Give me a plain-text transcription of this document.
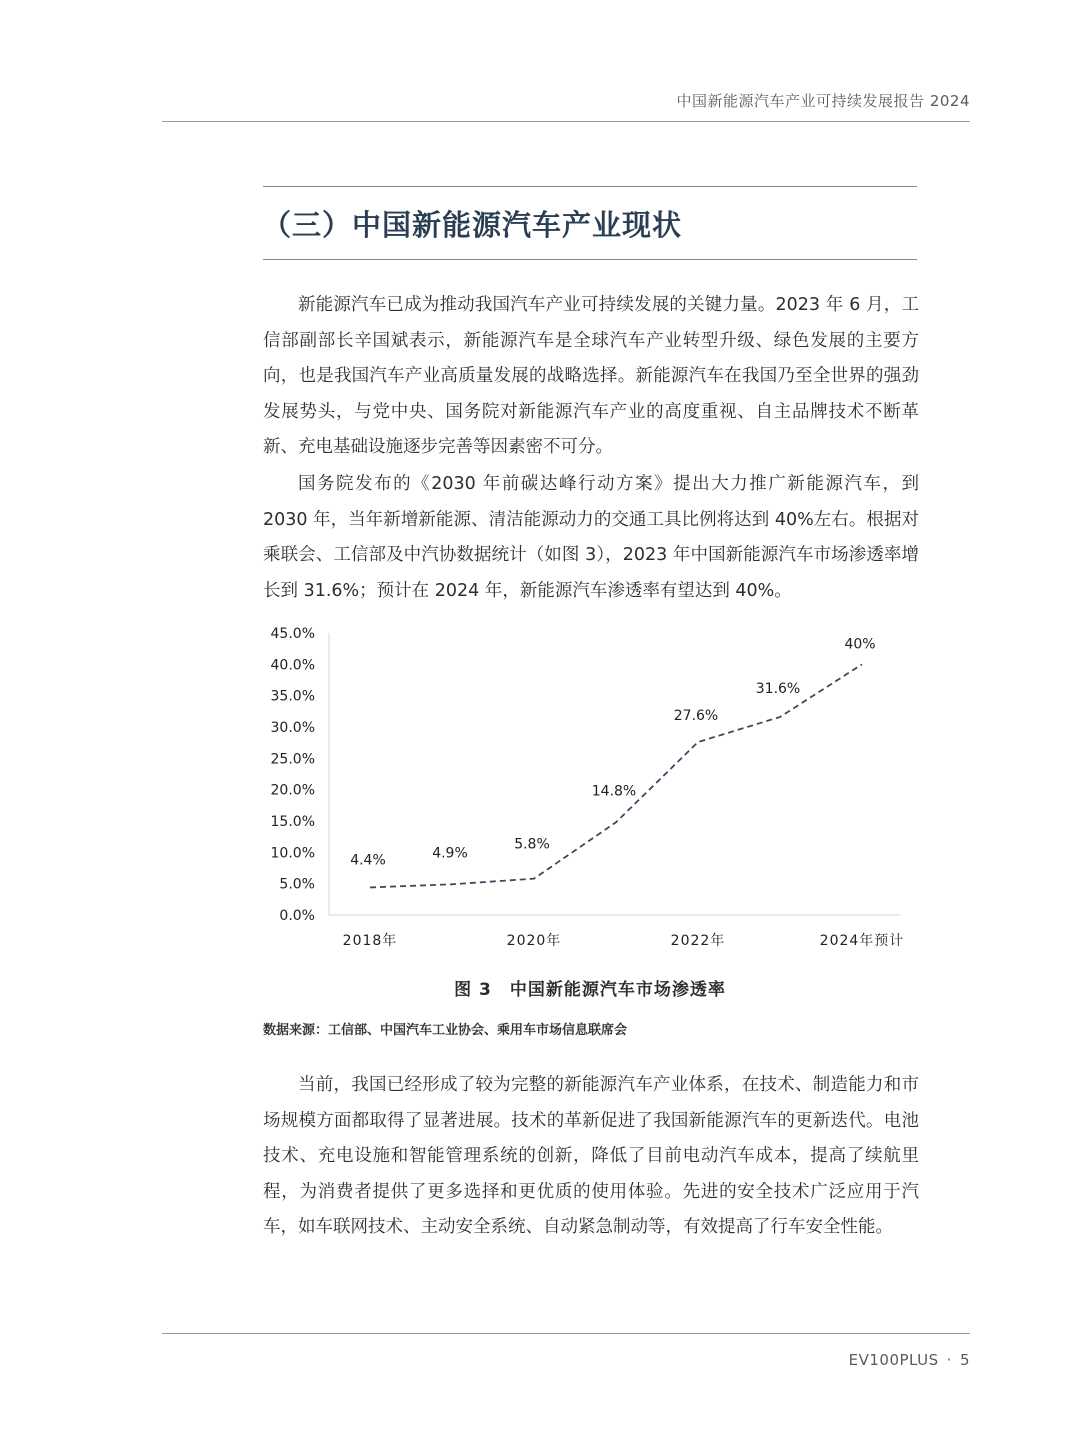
中国新能源汽车产业可持续发展报告 2024
（三）中国新能源汽车产业现状

新能源汽车已成为推动我国汽车产业可持续发展的关键力量。2023 年 6 月，工信部副部长辛国斌表示，新能源汽车是全球汽车产业转型升级、绿色发展的主要方向，也是我国汽车产业高质量发展的战略选择。新能源汽车在我国乃至全世界的强劲发展势头，与党中央、国务院对新能源汽车产业的高度重视、自主品牌技术不断革新、充电基础设施逐步完善等因素密不可分。

国务院发布的《2030 年前碳达峰行动方案》提出大力推广新能源汽车，到 2030 年，当年新增新能源、清洁能源动力的交通工具比例将达到 40%左右。根据对乘联会、工信部及中汽协数据统计（如图 3），2023 年中国新能源汽车市场渗透率增长到 31.6%；预计在 2024 年，新能源汽车渗透率有望达到 40%。

0.0%
5.0%
10.0%
15.0%
20.0%
25.0%
30.0%
35.0%
40.0%
45.0%
2018年	2020年	2022年	2024年预计
4.4%	4.9%
5.8%
14.8%
27.6%
31.6%
40%
图 3 中国新能源汽车市场渗透率
数据来源：工信部、中国汽车工业协会、乘用车市场信息联席会

当前，我国已经形成了较为完整的新能源汽车产业体系，在技术、制造能力和市场规模方面都取得了显著进展。技术的革新促进了我国新能源汽车的更新迭代。电池技术、充电设施和智能管理系统的创新，降低了目前电动汽车成本，提高了续航里程，为消费者提供了更多选择和更优质的使用体验。先进的安全技术广泛应用于汽车，如车联网技术、主动安全系统、自动紧急制动等，有效提高了行车安全性能。

EV100PLUS · 5
